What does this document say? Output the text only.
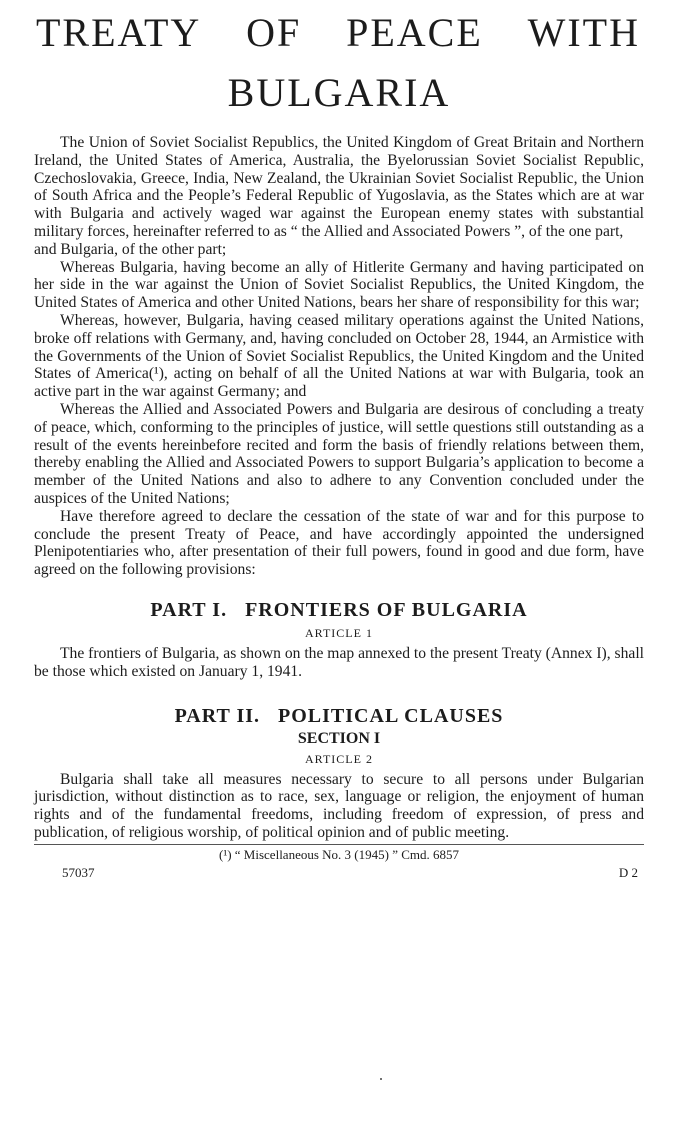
TREATY OF PEACE WITH
BULGARIA

The Union of Soviet Socialist Republics, the United Kingdom of Great Britain and Northern Ireland, the United States of America, Australia, the Byelorussian Soviet Socialist Republic, Czechoslovakia, Greece, India, New Zealand, the Ukrainian Soviet Socialist Republic, the Union of South Africa and the People’s Federal Republic of Yugoslavia, as the States which are at war with Bulgaria and actively waged war against the European enemy states with substantial military forces, hereinafter referred to as “ the Allied and Associated Powers ”, of the one part,

and Bulgaria, of the other part;

Whereas Bulgaria, having become an ally of Hitlerite Germany and having participated on her side in the war against the Union of Soviet Socialist Republics, the United Kingdom, the United States of America and other United Nations, bears her share of responsibility for this war;

Whereas, however, Bulgaria, having ceased military operations against the United Nations, broke off relations with Germany, and, having concluded on October 28, 1944, an Armistice with the Governments of the Union of Soviet Socialist Republics, the United Kingdom and the United States of America(¹), acting on behalf of all the United Nations at war with Bulgaria, took an active part in the war against Germany; and

Whereas the Allied and Associated Powers and Bulgaria are desirous of concluding a treaty of peace, which, conforming to the principles of justice, will settle questions still outstanding as a result of the events hereinbefore recited and form the basis of friendly relations between them, thereby enabling the Allied and Associated Powers to support Bulgaria’s application to become a member of the United Nations and also to adhere to any Convention concluded under the auspices of the United Nations;

Have therefore agreed to declare the cessation of the state of war and for this purpose to conclude the present Treaty of Peace, and have accordingly appointed the undersigned Plenipotentiaries who, after presentation of their full powers, found in good and due form, have agreed on the following provisions:

PART I. FRONTIERS OF BULGARIA
ARTICLE 1

The frontiers of Bulgaria, as shown on the map annexed to the present Treaty (Annex I), shall be those which existed on January 1, 1941.

PART II. POLITICAL CLAUSES
SECTION I
ARTICLE 2

Bulgaria shall take all measures necessary to secure to all persons under Bulgarian jurisdiction, without distinction as to race, sex, language or religion, the enjoyment of human rights and of the fundamental freedoms, including freedom of expression, of press and publication, of religious worship, of political opinion and of public meeting.

(¹) “ Miscellaneous No. 3 (1945) ” Cmd. 6857
57037	D 2
